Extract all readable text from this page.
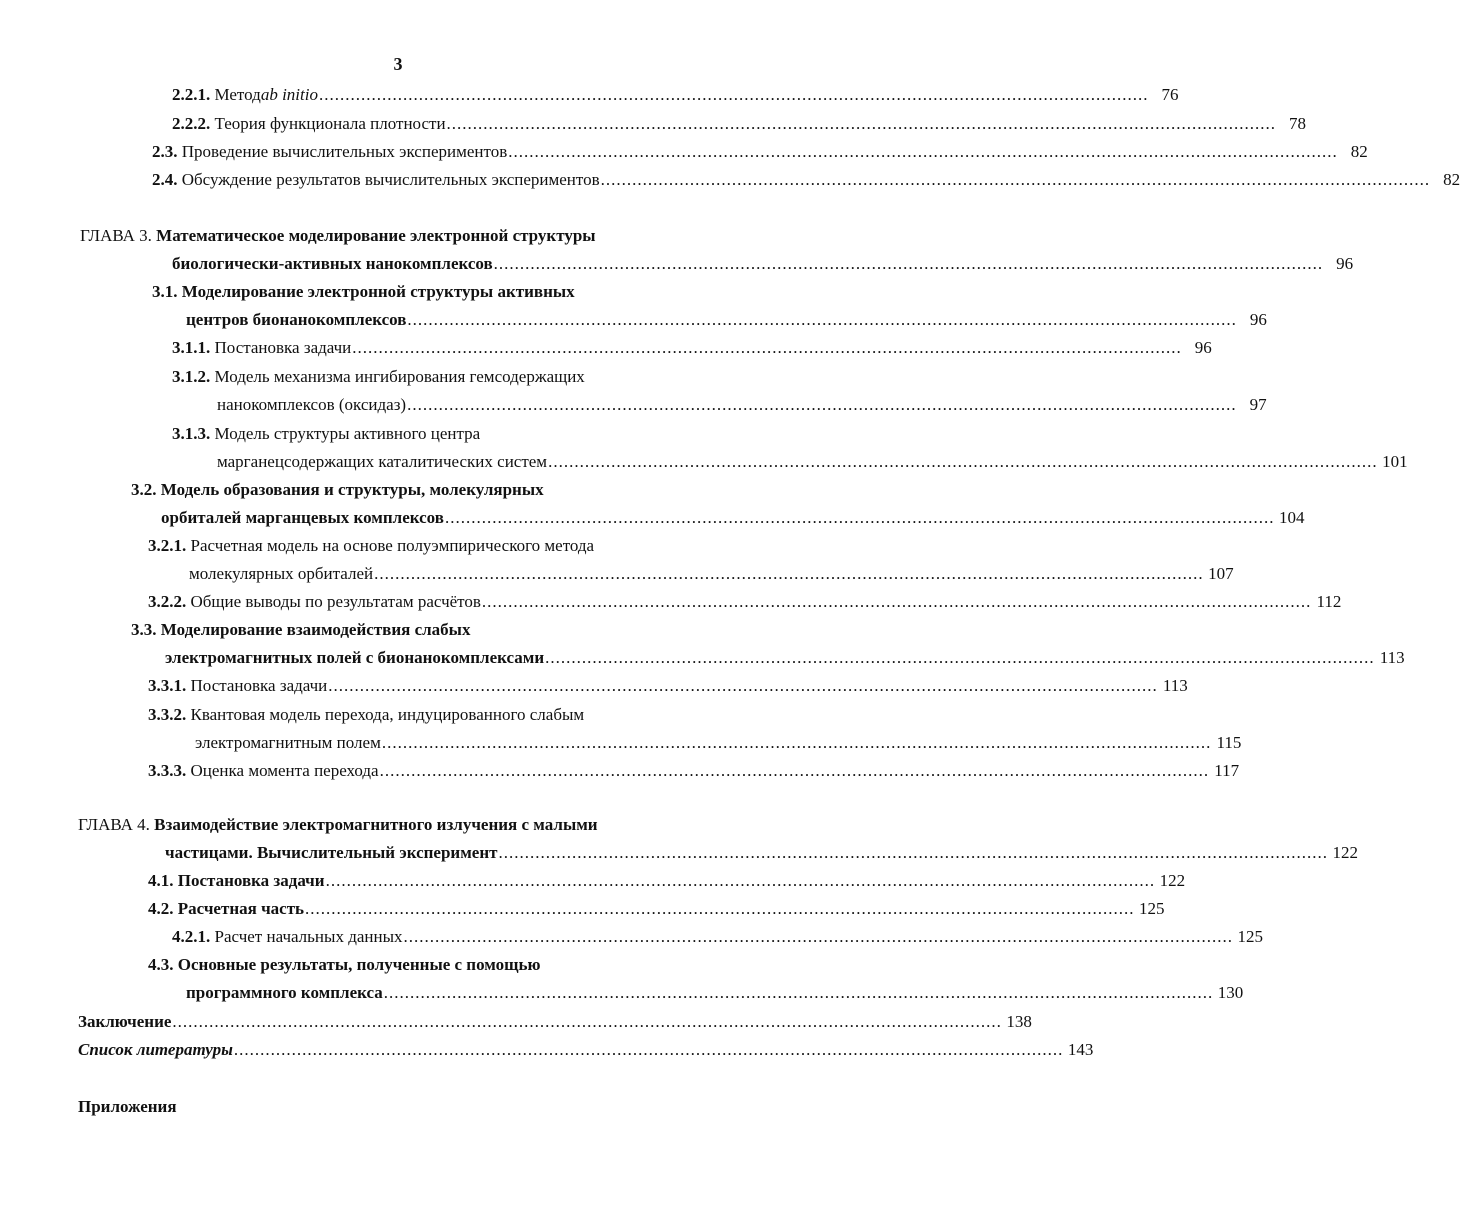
3
2.2.1.
Метод ab initio .............................................................................................................................................................. 76
2.2.2.
Теория функционала плотности .............................................................................................................................................................. 78
2.3.
Проведение вычислительных экспериментов .............................................................................................................................................................. 82
2.4.
Обсуждение результатов вычислительных экспериментов .............................................................................................................................................................. 82
ГЛАВА 3. Математическое моделирование электронной структуры
биологически-активных нанокомплексов .............................................................................................................................................................. 96
3.1. Моделирование электронной структуры активных
центров бионанокомплексов .............................................................................................................................................................. 96
3.1.1.
Постановка задачи .............................................................................................................................................................. 96
3.1.2. Модель механизма ингибирования гемсодержащих
нанокомплексов (оксидаз) .............................................................................................................................................................. 97
3.1.3. Модель структуры активного центра
марганецсодержащих каталитических систем .............................................................................................................................................................. 101
3.2. Модель образования и структуры, молекулярных
орбиталей марганцевых комплексов .............................................................................................................................................................. 104
3.2.1. Расчетная модель на основе полуэмпирического метода
молекулярных орбиталей .............................................................................................................................................................. 107
3.2.2.
Общие выводы по результатам расчётов .............................................................................................................................................................. 112
3.3. Моделирование взаимодействия слабых
электромагнитных полей с бионанокомплексами .............................................................................................................................................................. 113
3.3.1.
Постановка задачи .............................................................................................................................................................. 113
3.3.2. Квантовая модель перехода, индуцированного слабым
электромагнитным полем .............................................................................................................................................................. 115
3.3.3.
Оценка момента перехода .............................................................................................................................................................. 117
ГЛАВА 4. Взаимодействие электромагнитного излучения с малыми
частицами. Вычислительный эксперимент .............................................................................................................................................................. 122
4.1.
Постановка задачи .............................................................................................................................................................. 122
4.2.
Расчетная часть .............................................................................................................................................................. 125
4.2.1.
Расчет начальных данных .............................................................................................................................................................. 125
4.3. Основные результаты, полученные с помощью
программного комплекса .............................................................................................................................................................. 130
Заключение .............................................................................................................................................................. 138
Список литературы .............................................................................................................................................................. 143
Приложения
